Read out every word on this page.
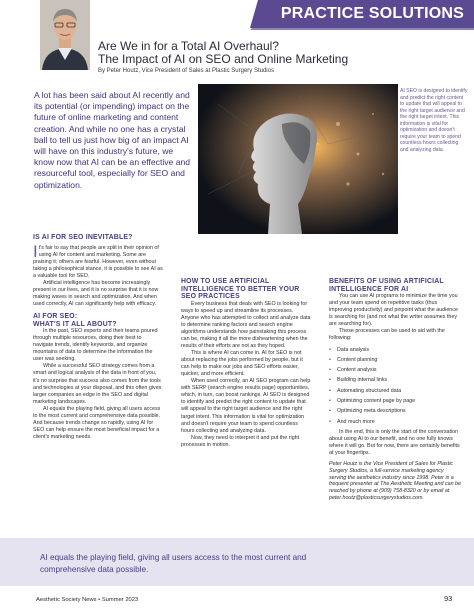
PRACTICE SOLUTIONS
Are We in for a Total AI Overhaul?
The Impact of AI on SEO and Online Marketing
By Peter Houtz, Vice President of Sales at Plastic Surgery Studios
A lot has been said about AI recently and its potential (or impending) impact on the future of online marketing and content creation. And while no one has a crystal ball to tell us just how big of an impact AI will have on this industry's future, we know now that AI can be an effective and resourceful tool, especially for SEO and optimization.
AI SEO is designed to identify and predict the right content to update that will appeal to the right target audience and the right target intent. This information is vital for optimization and doesn't require your team to spend countless hours collecting and analyzing data.
IS AI FOR SEO INEVITABLE?

It's fair to say that people are split in their opinion of using AI for content and marketing. Some are praising it; others are fearful. However, even without taking a philosophical stance, it is possible to see AI as a valuable tool for SEO.

Artificial intelligence has become increasingly present in our lives, and it is no surprise that it is now making waves in search and optimization. And when used correctly, AI can significantly help with efficacy.

AI FOR SEO:
WHAT'S IT ALL ABOUT?

In the past, SEO experts and their teams poured through multiple resources, doing their best to navigate trends, identify keywords, and organize mountains of data to determine the information the user was seeking.

While a successful SEO strategy comes from a smart and logical analysis of the data in front of you, it's no surprise that success also comes from the tools and technologies at your disposal, and this often gives larger companies an edge in the SEO and digital marketing landscapes.

AI equals the playing field, giving all users access to the most current and comprehensive data possible. And because trends change so rapidly, using AI for SEO can help ensure the most beneficial impact for a client's marketing needs.

HOW TO USE ARTIFICIAL
INTELLIGENCE TO BETTER YOUR
SEO PRACTICES

Every business that deals with SEO is looking for ways to speed up and streamline its processes. Anyone who has attempted to collect and analyze data to determine ranking factors and search engine algorithms understands how painstaking this process can be, making it all the more disheartening when the results of their efforts are not as they hoped.

This is where AI can come in. AI for SEO is not about replacing the jobs performed by people, but it can help to make our jobs and SEO efforts easier, quicker, and more efficient.

When used correctly, an AI SEO program can help with SERP (search engine results page) opportunities, which, in turn, can boost rankings. AI SEO is designed to identify and predict the right content to update that will appeal to the right target audience and the right target intent. This information is vital for optimization and doesn't require your team to spend countless hours collecting and analyzing data.

Now, they need to interpret it and put the right processes in motion.

BENEFITS OF USING ARTIFICIAL
INTELLIGENCE FOR AI

You can use AI programs to minimize the time you and your team spend on repetitive tasks (thus improving productivity) and pinpoint what the audience is searching for (and not what the writer assumes they are searching for).

These processes can be used to aid with the following:

• Data analysis
• Content planning
• Content analysis
• Building internal links
• Automating structured data
• Optimizing content page by page
• Optimizing meta descriptions
• And much more

In the end, this is only the start of the conversation about using AI to our benefit, and no one fully knows where it will go. But for now, there are certainly benefits at your fingertips.

Peter Houtz is the Vice President of Sales for Plastic Surgery Studios, a full-service marketing agency serving the aesthetics industry since 1998. Peter is a frequent presenter at The Aesthetic Meeting and can be reached by phone at (909) 758-8320 or by email at peter.houtz@plasticsurgerystudios.com.
AI equals the playing field, giving all users access to the most current and comprehensive data possible.
Aesthetic Society News • Summer 2023	93
